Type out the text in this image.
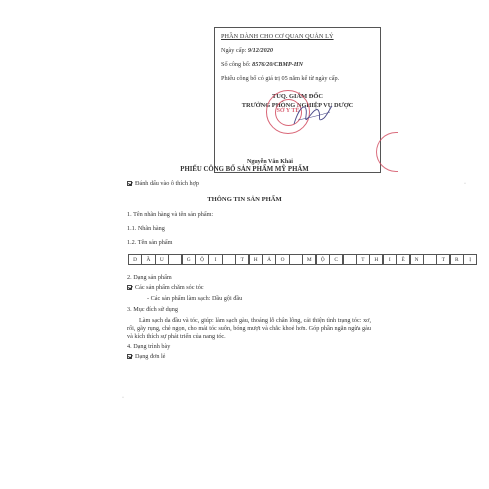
PHẦN DÀNH CHO CƠ QUAN QUẢN LÝ
Ngày cấp: 9/12/2020
Số công bố: 8576/20/CBMP-HN
Phiếu công bố có giá trị 05 năm kể từ ngày cấp.
TUQ. GIÁM ĐỐC
TRƯỞNG PHÒNG NGHIỆP VỤ DƯỢC
Nguyễn Văn Khải
SỞ Y TẾ
PHIẾU CÔNG BỐ SẢN PHẨM MỸ PHẨM
Đánh dấu vào ô thích hợp	·
THÔNG TIN SẢN PHẨM
1. Tên nhãn hàng và tên sản phẩm:
1.1. Nhãn hàng
1.2. Tên sản phẩm
D	Ầ	U	G	Ộ	I	T	H	Ả	O	M	Ộ	C	T	H	I	Ê	N	T	R	Ị
2. Dạng sản phẩm
Các sản phẩm chăm sóc tóc
- Các sản phẩm làm sạch: Dầu gội đầu
3. Mục đích sử dụng
Làm sạch da đầu và tóc, giúp: làm sạch gàu, thoáng lỗ chân lông, cải thiện tình trạng tóc: xơ, rối, gãy rụng, chẻ ngọn, cho mái tóc suôn, bóng mượt và chắc khoẻ hơn. Góp phần ngăn ngừa gàu và kích thích sự phát triển của nang tóc.
4. Dạng trình bày
Dạng đơn lẻ
·
